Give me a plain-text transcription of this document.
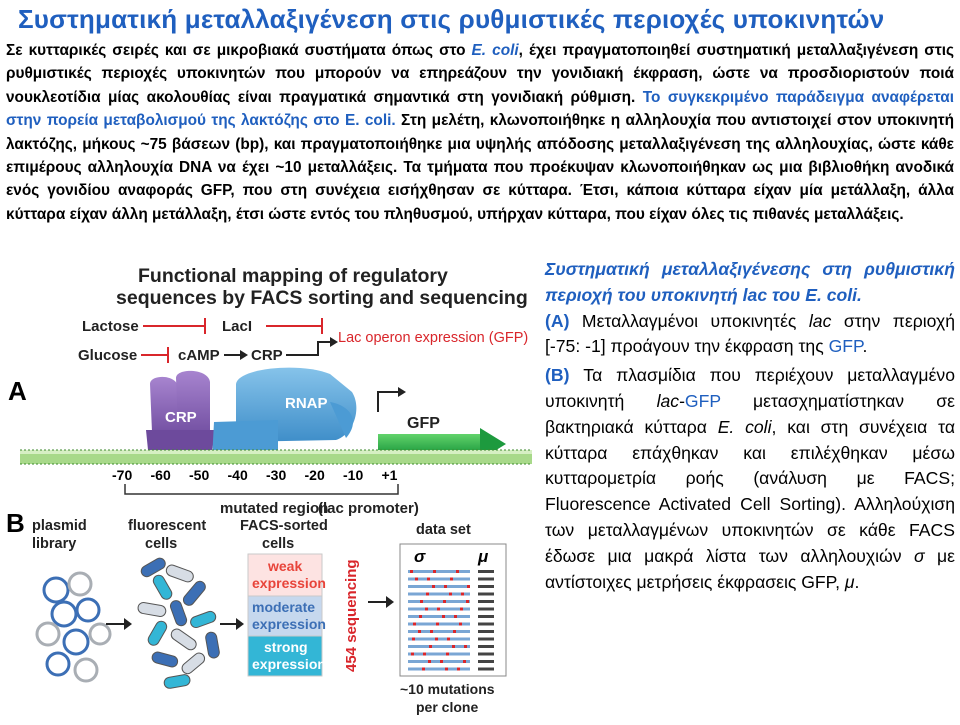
Συστηματική μεταλλαξιγένεση στις ρυθμιστικές περιοχές υποκινητών
Σε κυτταρικές σειρές και σε μικροβιακά συστήματα όπως στο E. coli, έχει πραγματοποιηθεί συστηματική μεταλλαξιγένεση στις ρυθμιστικές περιοχές υποκινητών που μπορούν να επηρεάζουν την γονιδιακή έκφραση, ώστε να προσδιοριστούν ποιά νουκλεοτίδια μίας ακολουθίας είναι πραγματικά σημαντικά στη γονιδιακή ρύθμιση. Το συγκεκριμένο παράδειγμα αναφέρεται στην πορεία μεταβολισμού της λακτόζης στο E. coli. Στη μελέτη, κλωνοποιήθηκε η αλληλουχία που αντιστοιχεί στον υποκινητή λακτόζης, μήκους ~75 βάσεων (bp), και πραγματοποιήθηκε μια υψηλής απόδοσης μεταλλαξιγένεση της αλληλουχίας, ώστε κάθε επιμέρους αλληλουχία DNA να έχει ~10 μεταλλάξεις. Τα τμήματα που προέκυψαν κλωνοποιήθηκαν ως μια βιβλιοθήκη ανοδικά ενός γονιδίου αναφοράς GFP, που στη συνέχεια εισήχθησαν σε κύτταρα. Έτσι, κάποια κύτταρα είχαν μία μετάλλαξη, άλλα κύτταρα είχαν άλλη μετάλλαξη, έτσι ώστε εντός του πληθυσμού, υπήρχαν κύτταρα, που είχαν όλες τις πιθανές μεταλλάξεις.
Functional mapping of regulatory
sequences by FACS sorting and sequencing
A
Lactose	LacI
Glucose	cAMP CRP
Lac operon expression (GFP)
CRP
RNAP
GFP
-70 -60 -50 -40 -30 -20 -10 +1
mutated region
(lac promoter)
B plasmid library
fluorescent cells
FACS-sorted cells
data set
weak expression
moderate expression
strong expression 454 sequencing
σ	μ
~10 mutations per clone

Συστηματική μεταλλαξιγένεσης στη ρυθμιστική περιοχή του υποκινητή lac του E. coli.

(A) Μεταλλαγμένοι υποκινητές lac στην περιοχή [-75: -1] προάγουν την έκφραση της GFP.

(B) Τα πλασμίδια που περιέχουν μεταλλαγμένο υποκινητή lac-GFP μετασχηματίστηκαν σε βακτηριακά κύτταρα E. coli, και στη συνέχεια τα κύτταρα επάχθηκαν και επιλέχθηκαν μέσω κυτταρομετρία ροής (ανάλυση με FACS; Fluorescence Activated Cell Sorting). Αλληλούχιση των μεταλλαγμένων υποκινητών σε κάθε FACS έδωσε μια μακρά λίστα των αλληλουχιών σ με αντίστοιχες μετρήσεις έκφρασεις GFP, μ.
